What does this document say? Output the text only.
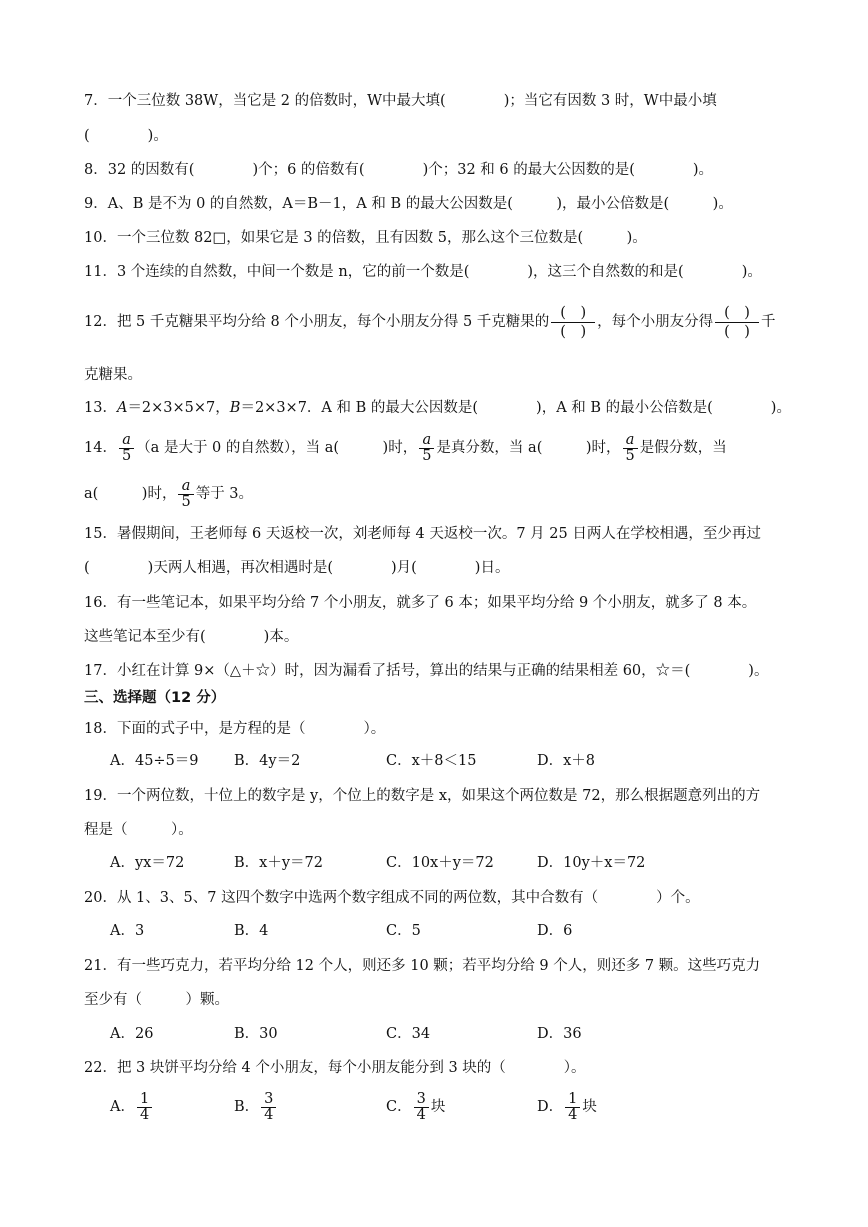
7．一个三位数 38W，当它是 2 的倍数时，W中最大填(　　　　)；当它有因数 3 时，W中最小填
(　　　　)。
8．32 的因数有(　　　　)个；6 的倍数有(　　　　)个；32 和 6 的最大公因数的是(　　　　)。
9．A、B 是不为 0 的自然数，A＝B－1，A 和 B 的最大公因数是(　　　)，最小公倍数是(　　　)。
10．一个三位数 82□，如果它是 3 的倍数，且有因数 5，那么这个三位数是(　　　)。
11．3 个连续的自然数，中间一个数是 n，它的前一个数是(　　　　)，这三个自然数的和是(　　　　)。
12．把 5 千克糖果平均分给 8 个小朋友，每个小朋友分得 5 千克糖果的 $\frac{( )}{( )}$ ，每个小朋友分得 $\frac{( )}{( )}$ 千
克糖果。
13．A＝2×3×5×7，B＝2×3×7．A 和 B 的最大公因数是(　　　　)，A 和 B 的最小公倍数是(　　　　)。
14． $\frac{a}{5} (a$ 是大于 0 的自然数），当 a(　　　)时， $\frac{a}{5}$ 是真分数，当 a(　　　)时， $\frac{a}{5}$ 是假分数，当
a(　　　)时， $\frac{a}{5}$ 等于 3。
15．暑假期间，王老师每 6 天返校一次，刘老师每 4 天返校一次。7 月 25 日两人在学校相遇，至少再过
(　　　　)天两人相遇，再次相遇时是(　　　　)月(　　　　)日。
16．有一些笔记本，如果平均分给 7 个小朋友，就多了 6 本；如果平均分给 9 个小朋友，就多了 8 本。
这些笔记本至少有(　　　　)本。
17．小红在计算 9×（△＋☆）时，因为漏看了括号，算出的结果与正确的结果相差 60，☆＝(　　　　)。
三、选择题（12 分）
18．下面的式子中，是方程的是（　　　　）。
A．45÷5＝9 B．4y＝2	C．x＋8＜15	D．x＋8
19．一个两位数，十位上的数字是 y，个位上的数字是 x，如果这个两位数是 72，那么根据题意列出的方
程是（　　　）。
A．yx＝72	B．x＋y＝72	C．10x＋y＝72	D．10y＋x＝72
20．从 1、3、5、7 这四个数字中选两个数字组成不同的两位数，其中合数有（　　　　）个。
A．3	B．4	C．5	D．6
21．有一些巧克力，若平均分给 12 个人，则还多 10 颗；若平均分给 9 个人，则还多 7 颗。这些巧克力
至少有（　　　）颗。
A．26	B．30	C．34	D．36
22．把 3 块饼平均分给 4 个小朋友，每个小朋友能分到 3 块的（　　　　）。
A． $\frac{1}{4}$	B． $\frac{3}{4}$	C． $\frac{3}{4}$ 块	D． $\frac{1}{4}$ 块
